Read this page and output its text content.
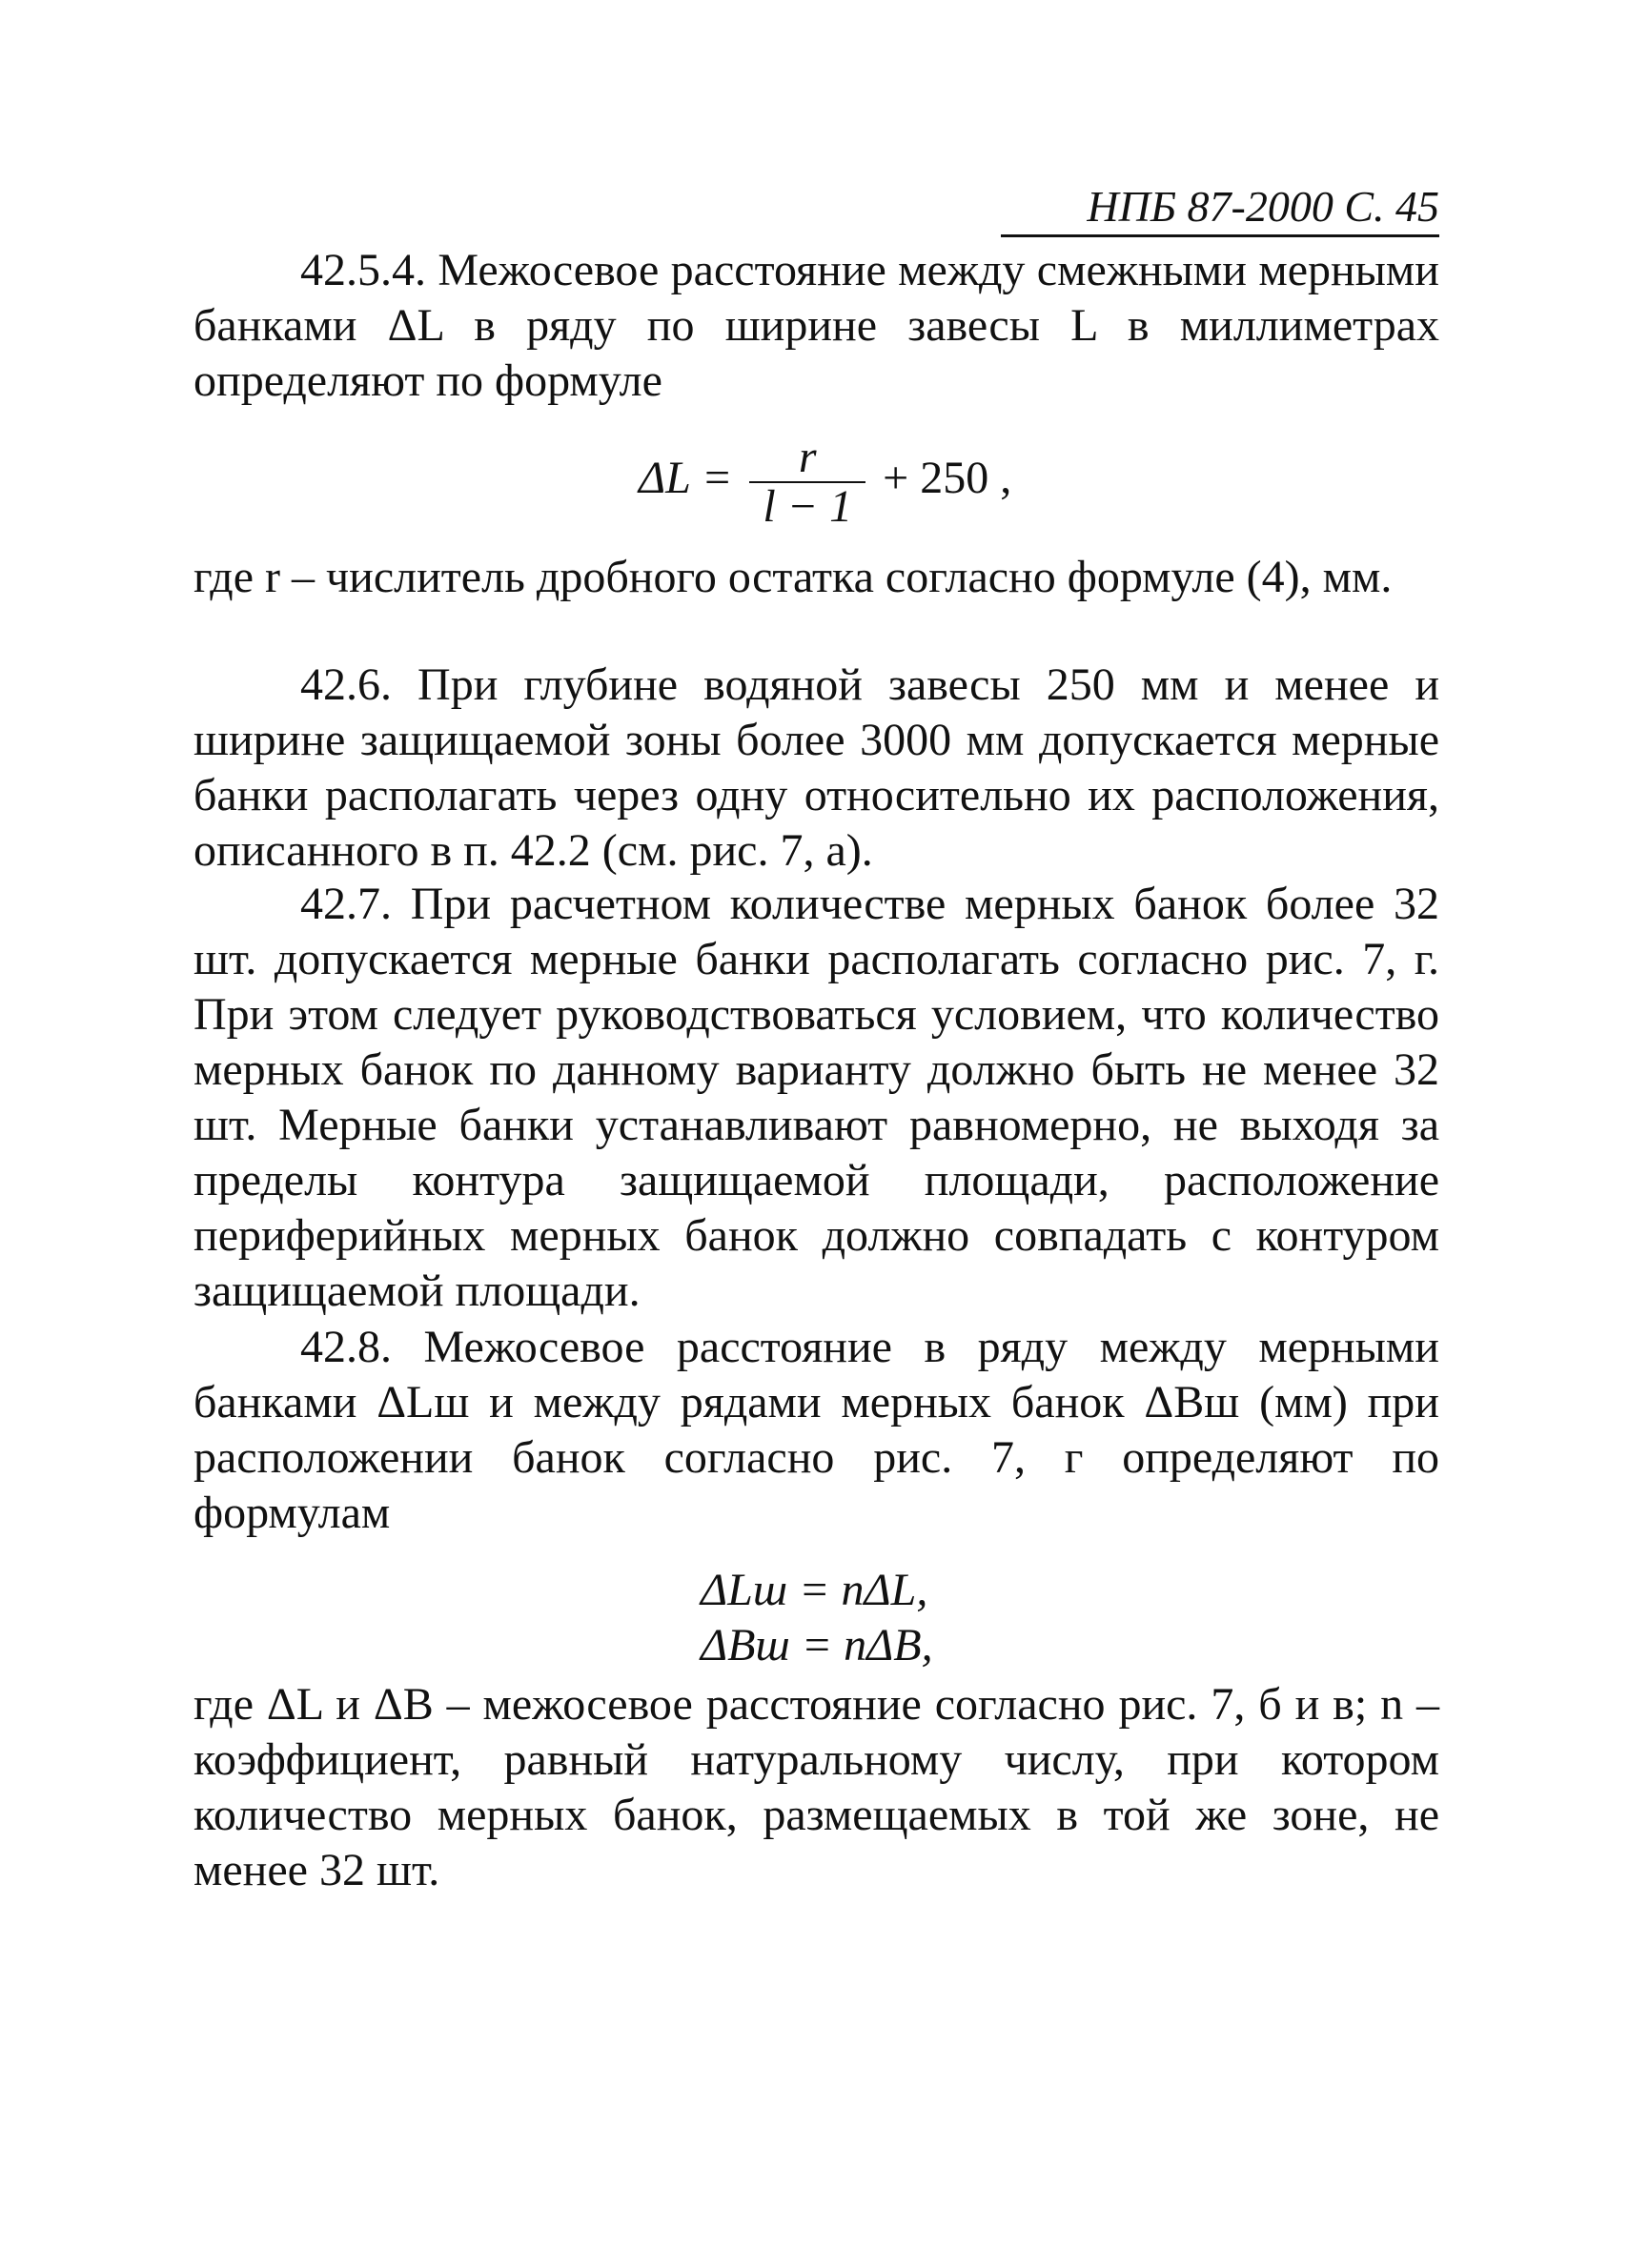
НПБ 87-2000 С. 45
42.5.4. Межосевое расстояние между смежными мерными банками ΔL в ряду по ширине завесы L в миллиметрах определяют по формуле
$\Delta L = \frac{r}{l - 1} + 250$ ,
где r – числитель дробного остатка согласно формуле (4), мм.
42.6. При глубине водяной завесы 250 мм и менее и ширине защищаемой зоны более 3000 мм допускается мерные банки располагать через одну относительно их расположения, описанного в п. 42.2 (см. рис. 7, а).
42.7. При расчетном количестве мерных банок более 32 шт. допускается мерные банки располагать согласно рис. 7, г. При этом следует руководствоваться условием, что количество мерных банок по данному варианту должно быть не менее 32 шт. Мерные банки устанавливают равномерно, не выходя за пределы контура защищаемой площади, расположение периферийных мерных банок должно совпадать с контуром защищаемой площади.
42.8. Межосевое расстояние в ряду между мерными банками ΔLш и между рядами мерных банок ΔBш (мм) при расположении банок согласно рис. 7, г определяют по формулам
ΔLш = nΔL,
ΔBш = nΔB,
где ΔL и ΔB – межосевое расстояние согласно рис. 7, б и в; n – коэффициент, равный натуральному числу, при котором количество мерных банок, размещаемых в той же зоне, не менее 32 шт.
